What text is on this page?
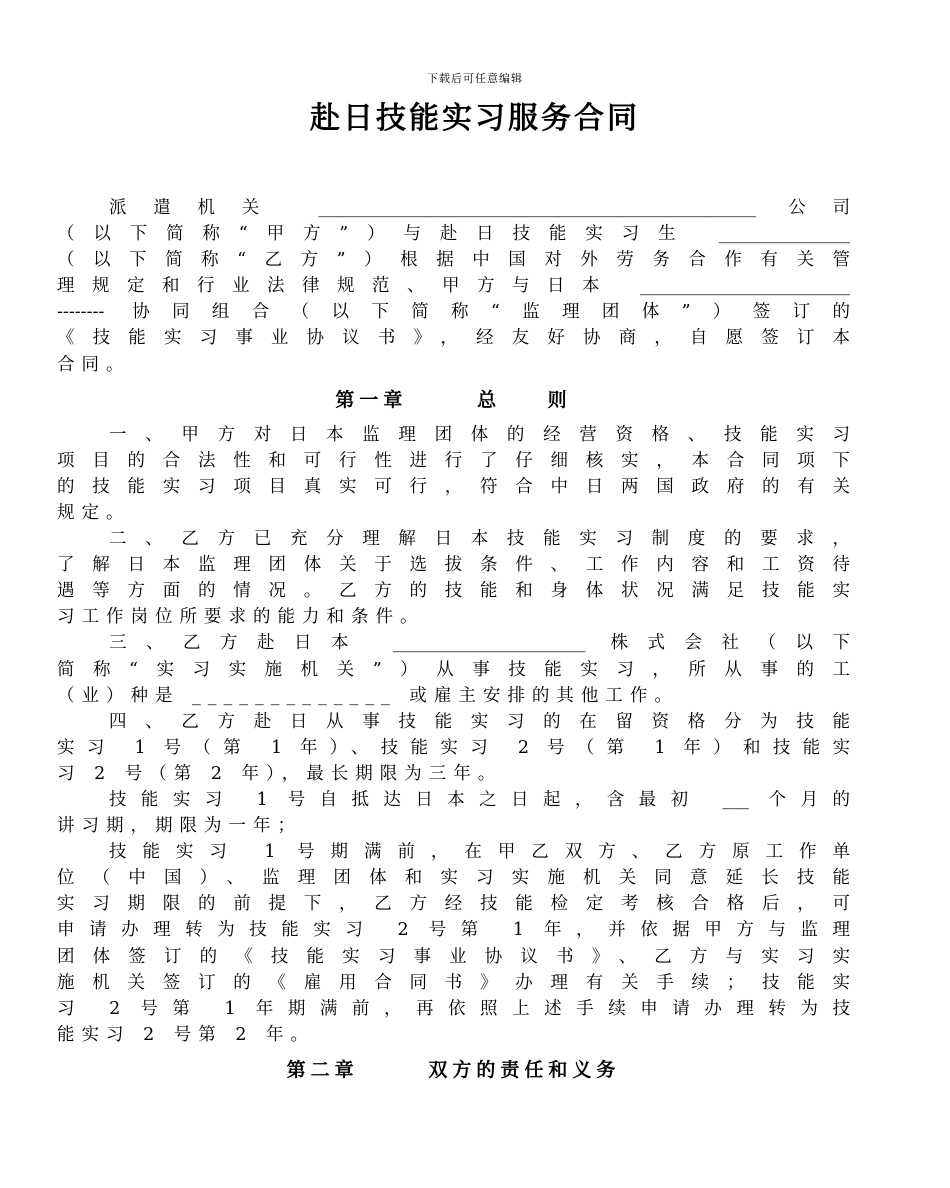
下载后可任意编辑
赴日技能实习服务合同
派遣机关 __________________________________________________ 公司
（以下简称“甲方”）与赴日技能实习生 _______________
（以下简称“乙方”）根据中国对外劳务合作有关管
理规定和行业法律规范、甲方与日本 ________________________
-------- 协同组合（以下简称“监理团体”）签订的
《技能实习事业协议书》，经友好协商，自愿签订本
合同。
第一章      总    则
一、甲方对日本监理团体的经营资格、技能实习
项目的合法性和可行性进行了仔细核实，本合同项下
的技能实习项目真实可行，符合中日两国政府的有关
规定。
二、乙方已充分理解日本技能实习制度的要求，
了解日本监理团体关于选拔条件、工作内容和工资待
遇等方面的情况。乙方的技能和身体状况满足技能实
习工作岗位所要求的能力和条件。
三、乙方赴日本 ______________________ 株式会社（以下
简称“实习实施机关”）从事技能实习，所从事的工
（业）种是 _____________ 或雇主安排的其他工作。
四、乙方赴日从事技能实习的在留资格分为技能
实习 1 号（第 1 年）、技能实习 2 号（第 1 年）和技能实
习 2 号（第 2 年），最长期限为三年。
技能实习 1 号自抵达日本之日起，含最初 ___ 个月的
讲习期，期限为一年；
技能实习 1 号期满前，在甲乙双方、乙方原工作单
位（中国）、监理团体和实习实施机关同意延长技能
实习期限的前提下，乙方经技能检定考核合格后，可
申请办理转为技能实习 2 号第 1 年，并依据甲方与监理
团体签订的《技能实习事业协议书》、乙方与实习实
施机关签订的《雇用合同书》办理有关手续；技能实
习 2 号第 1 年期满前，再依照上述手续申请办理转为技
能实习 2 号第 2 年。
第二章      双方的责任和义务
